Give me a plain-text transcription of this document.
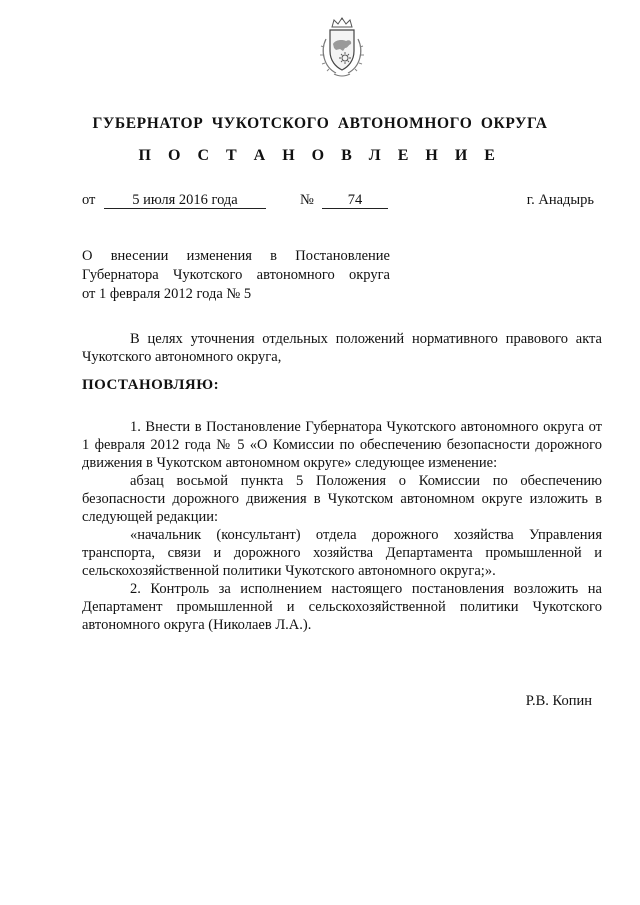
ГУБЕРНАТОР ЧУКОТСКОГО АВТОНОМНОГО ОКРУГА
П О С Т А Н О В Л Е Н И Е
от	5 июля 2016 года	№	74	г. Анадырь
О внесении изменения в Постановление
Губернатора Чукотского автономного округа
от 1 февраля 2012 года № 5
В целях уточнения отдельных положений нормативного правового акта Чукотского автономного округа,
ПОСТАНОВЛЯЮ:

1. Внести в Постановление Губернатора Чукотского автономного округа от 1 февраля 2012 года № 5 «О Комиссии по обеспечению безопасности дорожного движения в Чукотском автономном округе» следующее изменение:

абзац восьмой пункта 5 Положения о Комиссии по обеспечению безопасности дорожного движения в Чукотском автономном округе изложить в следующей редакции:

«начальник (консультант) отдела дорожного хозяйства Управления транспорта, связи и дорожного хозяйства Департамента промышленной и сельскохозяйственной политики Чукотского автономного округа;».

2. Контроль за исполнением настоящего постановления возложить на Департамент промышленной и сельскохозяйственной политики Чукотского автономного округа (Николаев Л.А.).

Р.В. Копин
